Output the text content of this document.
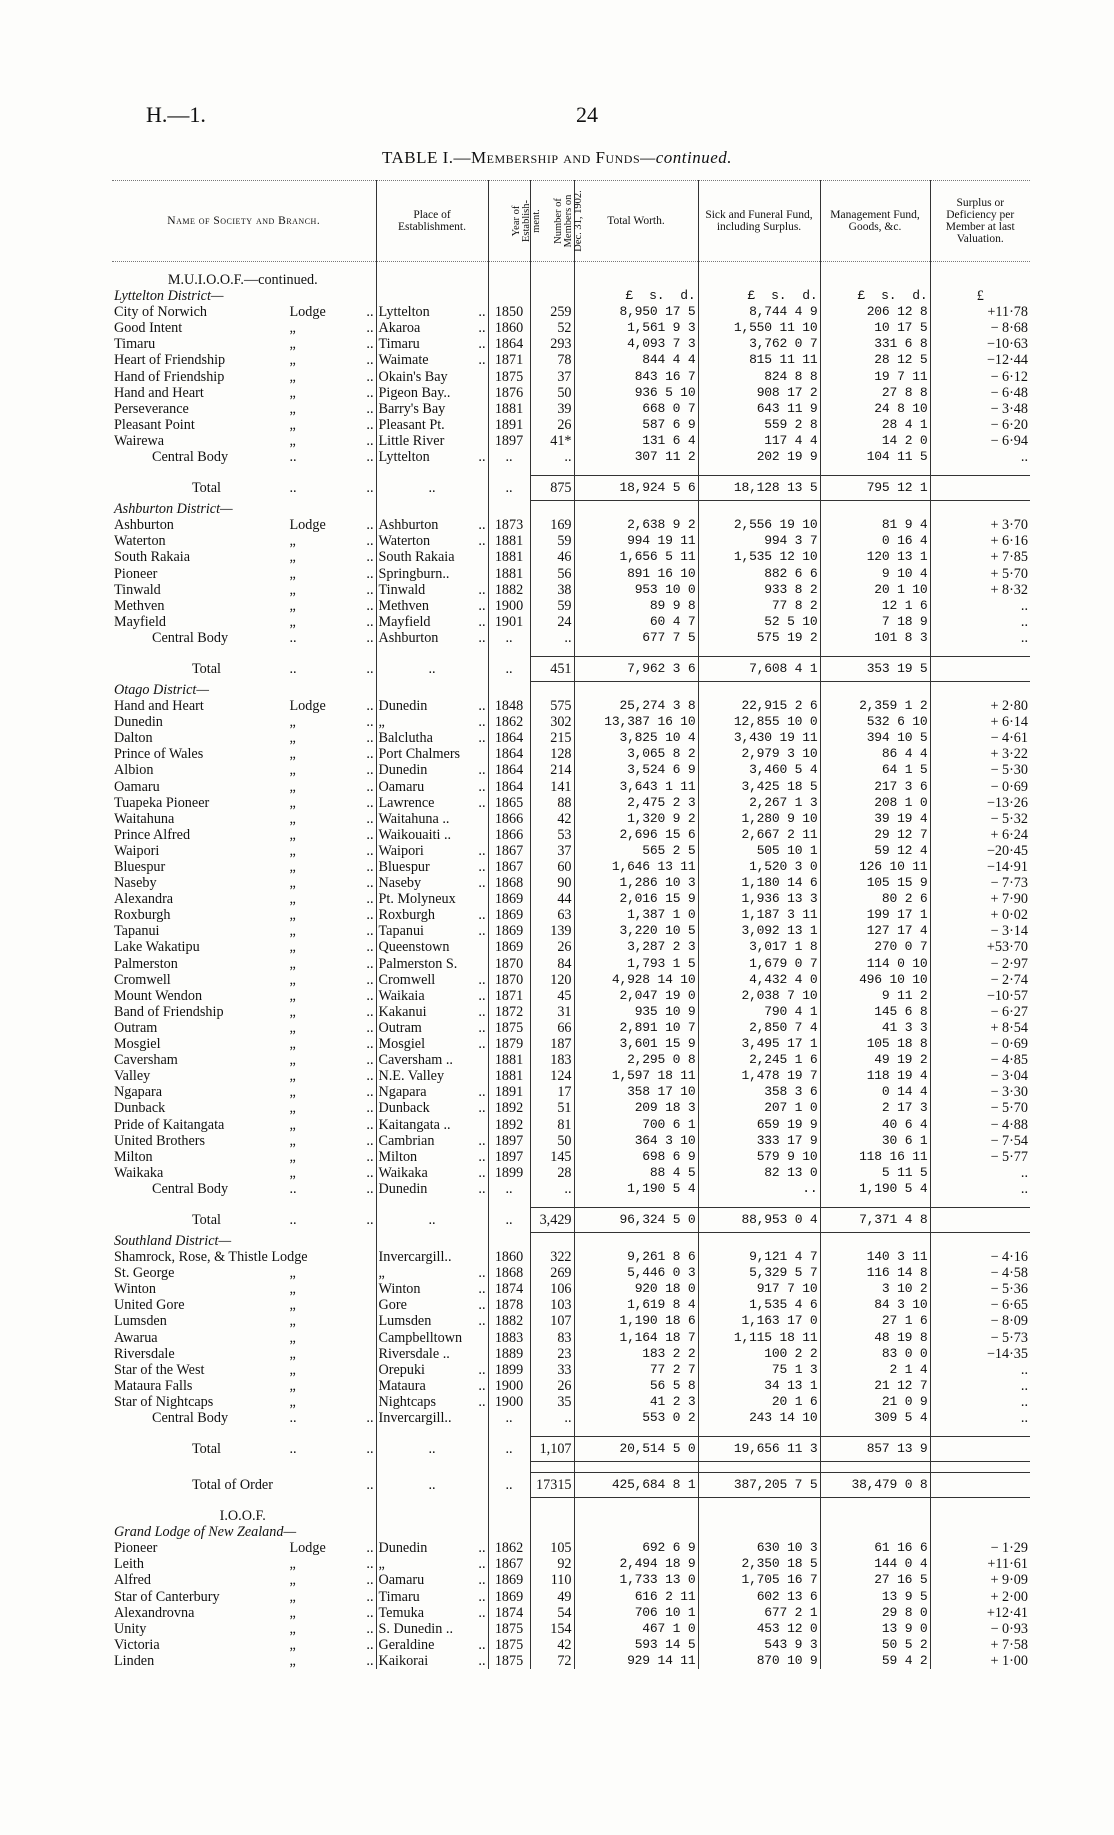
H.—1.	24
TABLE I.—Membership and Funds—continued.
Name of Society and Branch.	Place of Establishment.	Year of
Establish-
ment.	Number of
Members on
Dec. 31, 1902.	Total Worth.	Sick and Funeral Fund, including Surplus.	Management Fund, Goods, &c.	Surplus or Deficiency per Member at last Valuation.

M.U.I.O.O.F.—continued.							
Lyttelton District—				£ s. d.	£ s. d.	£ s. d.	£

City of Norwich Lodge ..	Lyttelton ..	1850	259	8,950 17 5	8,744 4 9	206 12 8	+11·78

Good Intent „ ..	Akaroa ..	1860	52	1,561 9 3	1,550 11 10	10 17 5	− 8·68

Timaru „ ..	Timaru ..	1864	293	4,093 7 3	3,762 0 7	331 6 8	−10·63

Heart of Friendship „ ..	Waimate ..	1871	78	844 4 4	815 11 11	28 12 5	−12·44

Hand of Friendship „ ..	Okain's Bay	1875	37	843 16 7	824 8 8	19 7 11	− 6·12

Hand and Heart „ ..	Pigeon Bay..	1876	50	936 5 10	908 17 2	27 8 8	− 6·48

Perseverance „ ..	Barry's Bay	1881	39	668 0 7	643 11 9	24 8 10	− 3·48

Pleasant Point „ ..	Pleasant Pt.	1891	26	587 6 9	559 2 8	28 4 1	− 6·20

Wairewa „ ..	Little River	1897	41*	131 6 4	117 4 4	14 2 0	− 6·94

Central Body .. ..	Lyttelton ..	..	..	307 11 2	202 19 9	104 11 5	..

Total .. ..	..	..	875	18,924 5 6	18,128 13 5	795 12 1	
Ashburton District—							

Ashburton Lodge ..	Ashburton ..	1873	169	2,638 9 2	2,556 19 10	81 9 4	+ 3·70

Waterton „ ..	Waterton ..	1881	59	994 19 11	994 3 7	0 16 4	+ 6·16

South Rakaia „ ..	South Rakaia	1881	46	1,656 5 11	1,535 12 10	120 13 1	+ 7·85

Pioneer „ ..	Springburn..	1881	56	891 16 10	882 6 6	9 10 4	+ 5·70

Tinwald „ ..	Tinwald ..	1882	38	953 10 0	933 8 2	20 1 10	+ 8·32

Methven „ ..	Methven ..	1900	59	89 9 8	77 8 2	12 1 6	..

Mayfield „ ..	Mayfield ..	1901	24	60 4 7	52 5 10	7 18 9	..

Central Body .. ..	Ashburton ..	..	..	677 7 5	575 19 2	101 8 3	..

Total .. ..	..	..	451	7,962 3 6	7,608 4 1	353 19 5	
Otago District—							

Hand and Heart Lodge ..	Dunedin ..	1848	575	25,274 3 8	22,915 2 6	2,359 1 2	+ 2·80

Dunedin „ ..	„ ..	1862	302	13,387 16 10	12,855 10 0	532 6 10	+ 6·14

Dalton „ ..	Balclutha ..	1864	215	3,825 10 4	3,430 19 11	394 10 5	− 4·61

Prince of Wales „ ..	Port Chalmers	1864	128	3,065 8 2	2,979 3 10	86 4 4	+ 3·22

Albion „ ..	Dunedin ..	1864	214	3,524 6 9	3,460 5 4	64 1 5	− 5·30

Oamaru „ ..	Oamaru ..	1864	141	3,643 1 11	3,425 18 5	217 3 6	− 0·69

Tuapeka Pioneer „ ..	Lawrence ..	1865	88	2,475 2 3	2,267 1 3	208 1 0	−13·26

Waitahuna „ ..	Waitahuna ..	1866	42	1,320 9 2	1,280 9 10	39 19 4	− 5·32

Prince Alfred „ ..	Waikouaiti ..	1866	53	2,696 15 6	2,667 2 11	29 12 7	+ 6·24

Waipori „ ..	Waipori ..	1867	37	565 2 5	505 10 1	59 12 4	−20·45

Bluespur „ ..	Bluespur ..	1867	60	1,646 13 11	1,520 3 0	126 10 11	−14·91

Naseby „ ..	Naseby ..	1868	90	1,286 10 3	1,180 14 6	105 15 9	− 7·73

Alexandra „ ..	Pt. Molyneux	1869	44	2,016 15 9	1,936 13 3	80 2 6	+ 7·90

Roxburgh „ ..	Roxburgh ..	1869	63	1,387 1 0	1,187 3 11	199 17 1	+ 0·02

Tapanui „ ..	Tapanui ..	1869	139	3,220 10 5	3,092 13 1	127 17 4	− 3·14

Lake Wakatipu „ ..	Queenstown	1869	26	3,287 2 3	3,017 1 8	270 0 7	+53·70

Palmerston „ ..	Palmerston S.	1870	84	1,793 1 5	1,679 0 7	114 0 10	− 2·97

Cromwell „ ..	Cromwell ..	1870	120	4,928 14 10	4,432 4 0	496 10 10	− 2·74

Mount Wendon „ ..	Waikaia ..	1871	45	2,047 19 0	2,038 7 10	9 11 2	−10·57

Band of Friendship „ ..	Kakanui ..	1872	31	935 10 9	790 4 1	145 6 8	− 6·27

Outram „ ..	Outram ..	1875	66	2,891 10 7	2,850 7 4	41 3 3	+ 8·54

Mosgiel „ ..	Mosgiel ..	1879	187	3,601 15 9	3,495 17 1	105 18 8	− 0·69

Caversham „ ..	Caversham ..	1881	183	2,295 0 8	2,245 1 6	49 19 2	− 4·85

Valley „ ..	N.E. Valley	1881	124	1,597 18 11	1,478 19 7	118 19 4	− 3·04

Ngapara „ ..	Ngapara ..	1891	17	358 17 10	358 3 6	0 14 4	− 3·30

Dunback „ ..	Dunback ..	1892	51	209 18 3	207 1 0	2 17 3	− 5·70

Pride of Kaitangata „ ..	Kaitangata ..	1892	81	700 6 1	659 19 9	40 6 4	− 4·88

United Brothers „ ..	Cambrian ..	1897	50	364 3 10	333 17 9	30 6 1	− 7·54

Milton „ ..	Milton ..	1897	145	698 6 9	579 9 10	118 16 11	− 5·77

Waikaka „ ..	Waikaka ..	1899	28	88 4 5	82 13 0	5 11 5	..

Central Body .. ..	Dunedin ..	..	..	1,190 5 4	..	1,190 5 4	..

Total .. ..	..	..	3,429	96,324 5 0	88,953 0 4	7,371 4 8	
Southland District—							

Shamrock, Rose, & Thistle Lodge	Invercargill..	1860	322	9,261 8 6	9,121 4 7	140 3 11	− 4·16

St. George „	„ ..	1868	269	5,446 0 3	5,329 5 7	116 14 8	− 4·58

Winton „	Winton ..	1874	106	920 18 0	917 7 10	3 10 2	− 5·36

United Gore „	Gore ..	1878	103	1,619 8 4	1,535 4 6	84 3 10	− 6·65

Lumsden „	Lumsden ..	1882	107	1,190 18 6	1,163 17 0	27 1 6	− 8·09

Awarua „	Campbelltown	1883	83	1,164 18 7	1,115 18 11	48 19 8	− 5·73

Riversdale „	Riversdale ..	1889	23	183 2 2	100 2 2	83 0 0	−14·35

Star of the West „	Orepuki ..	1899	33	77 2 7	75 1 3	2 1 4	..

Mataura Falls „	Mataura ..	1900	26	56 5 8	34 13 1	21 12 7	..

Star of Nightcaps „	Nightcaps ..	1900	35	41 2 3	20 1 6	21 0 9	..

Central Body .. ..	Invercargill..	..	..	553 0 2	243 14 10	309 5 4	..

Total .. ..	..	..	1,107	20,514 5 0	19,656 11 3	857 13 9	

Total of Order ..	..	..	17315	425,684 8 1	387,205 7 5	38,479 0 8	

I.O.O.F.							
Grand Lodge of New Zealand—							

Pioneer Lodge ..	Dunedin ..	1862	105	692 6 9	630 10 3	61 16 6	− 1·29

Leith „ ..	„ ..	1867	92	2,494 18 9	2,350 18 5	144 0 4	+11·61

Alfred „ ..	Oamaru ..	1869	110	1,733 13 0	1,705 16 7	27 16 5	+ 9·09

Star of Canterbury „ ..	Timaru ..	1869	49	616 2 11	602 13 6	13 9 5	+ 2·00

Alexandrovna „ ..	Temuka ..	1874	54	706 10 1	677 2 1	29 8 0	+12·41

Unity „ ..	S. Dunedin ..	1875	154	467 1 0	453 12 0	13 9 0	− 0·93

Victoria „ ..	Geraldine ..	1875	42	593 14 5	543 9 3	50 5 2	+ 7·58

Linden „ ..	Kaikorai ..	1875	72	929 14 11	870 10 9	59 4 2	+ 1·00
